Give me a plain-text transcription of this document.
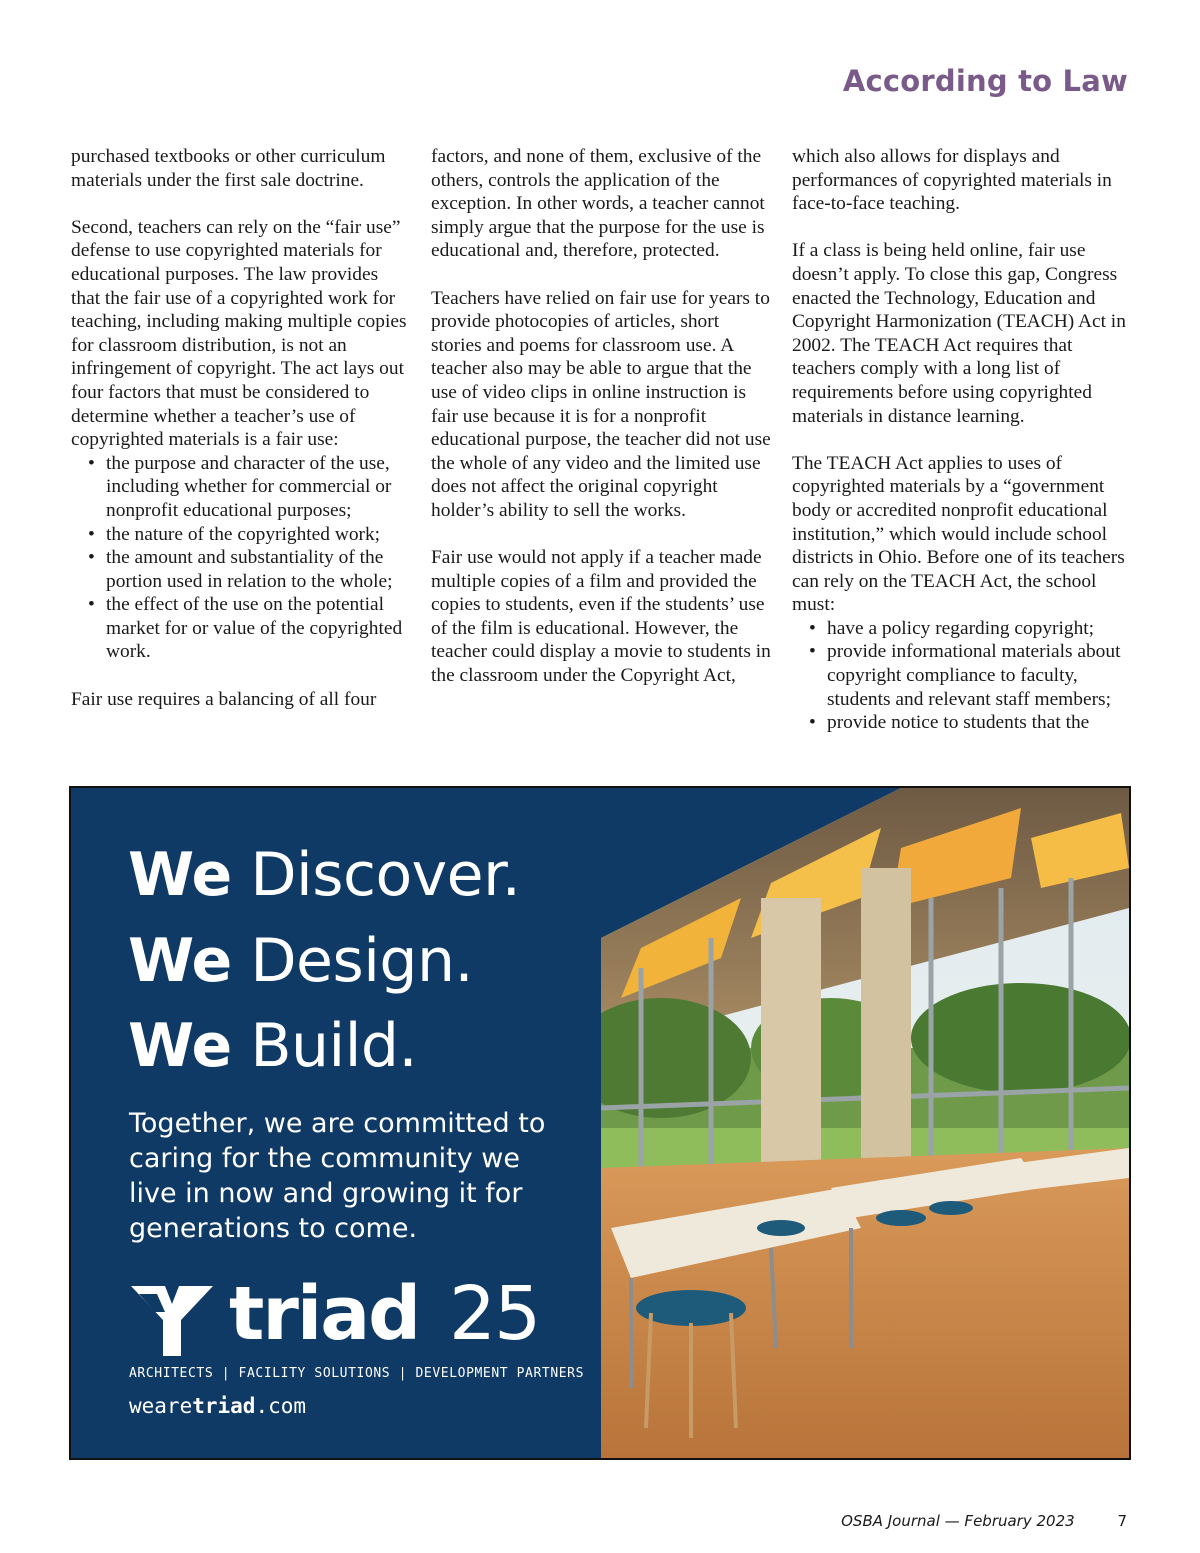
According to Law

purchased textbooks or other curriculum materials under the first sale doctrine.

Second, teachers can rely on the “fair use” defense to use copyrighted materials for educational purposes. The law provides that the fair use of a copyrighted work for teaching, including making multiple copies for classroom distribution, is not an infringement of copyright. The act lays out four factors that must be considered to determine whether a teacher’s use of copyrighted materials is a fair use:

• the purpose and character of the use, including whether for commercial or nonprofit educational purposes;
• the nature of the copyrighted work;
• the amount and substantiality of the portion used in relation to the whole;
• the effect of the use on the potential market for or value of the copyrighted work.

Fair use requires a balancing of all four

factors, and none of them, exclusive of the others, controls the application of the exception. In other words, a teacher cannot simply argue that the purpose for the use is educational and, therefore, protected.

Teachers have relied on fair use for years to provide photocopies of articles, short stories and poems for classroom use. A teacher also may be able to argue that the use of video clips in online instruction is fair use because it is for a nonprofit educational purpose, the teacher did not use the whole of any video and the limited use does not affect the original copyright holder’s ability to sell the works.

Fair use would not apply if a teacher made multiple copies of a film and provided the copies to students, even if the students’ use of the film is educational. However, the teacher could display a movie to students in the classroom under the Copyright Act,

which also allows for displays and performances of copyrighted materials in face-to-face teaching.

If a class is being held online, fair use doesn’t apply. To close this gap, Congress enacted the Technology, Education and Copyright Harmonization (TEACH) Act in 2002. The TEACH Act requires that teachers comply with a long list of requirements before using copyrighted materials in distance learning.

The TEACH Act applies to uses of copyrighted materials by a “government body or accredited nonprofit educational institution,” which would include school districts in Ohio. Before one of its teachers can rely on the TEACH Act, the school must:

• have a policy regarding copyright;
• provide informational materials about copyright compliance to faculty, students and relevant staff members;
• provide notice to students that the
We Discover.
We Design.
We Build.
Together, we are committed to caring for the community we live in now and growing it for generations to come.
triad 25
ARCHITECTS | FACILITY SOLUTIONS | DEVELOPMENT PARTNERS
wearetriad.com
OSBA Journal — February 2023	7
